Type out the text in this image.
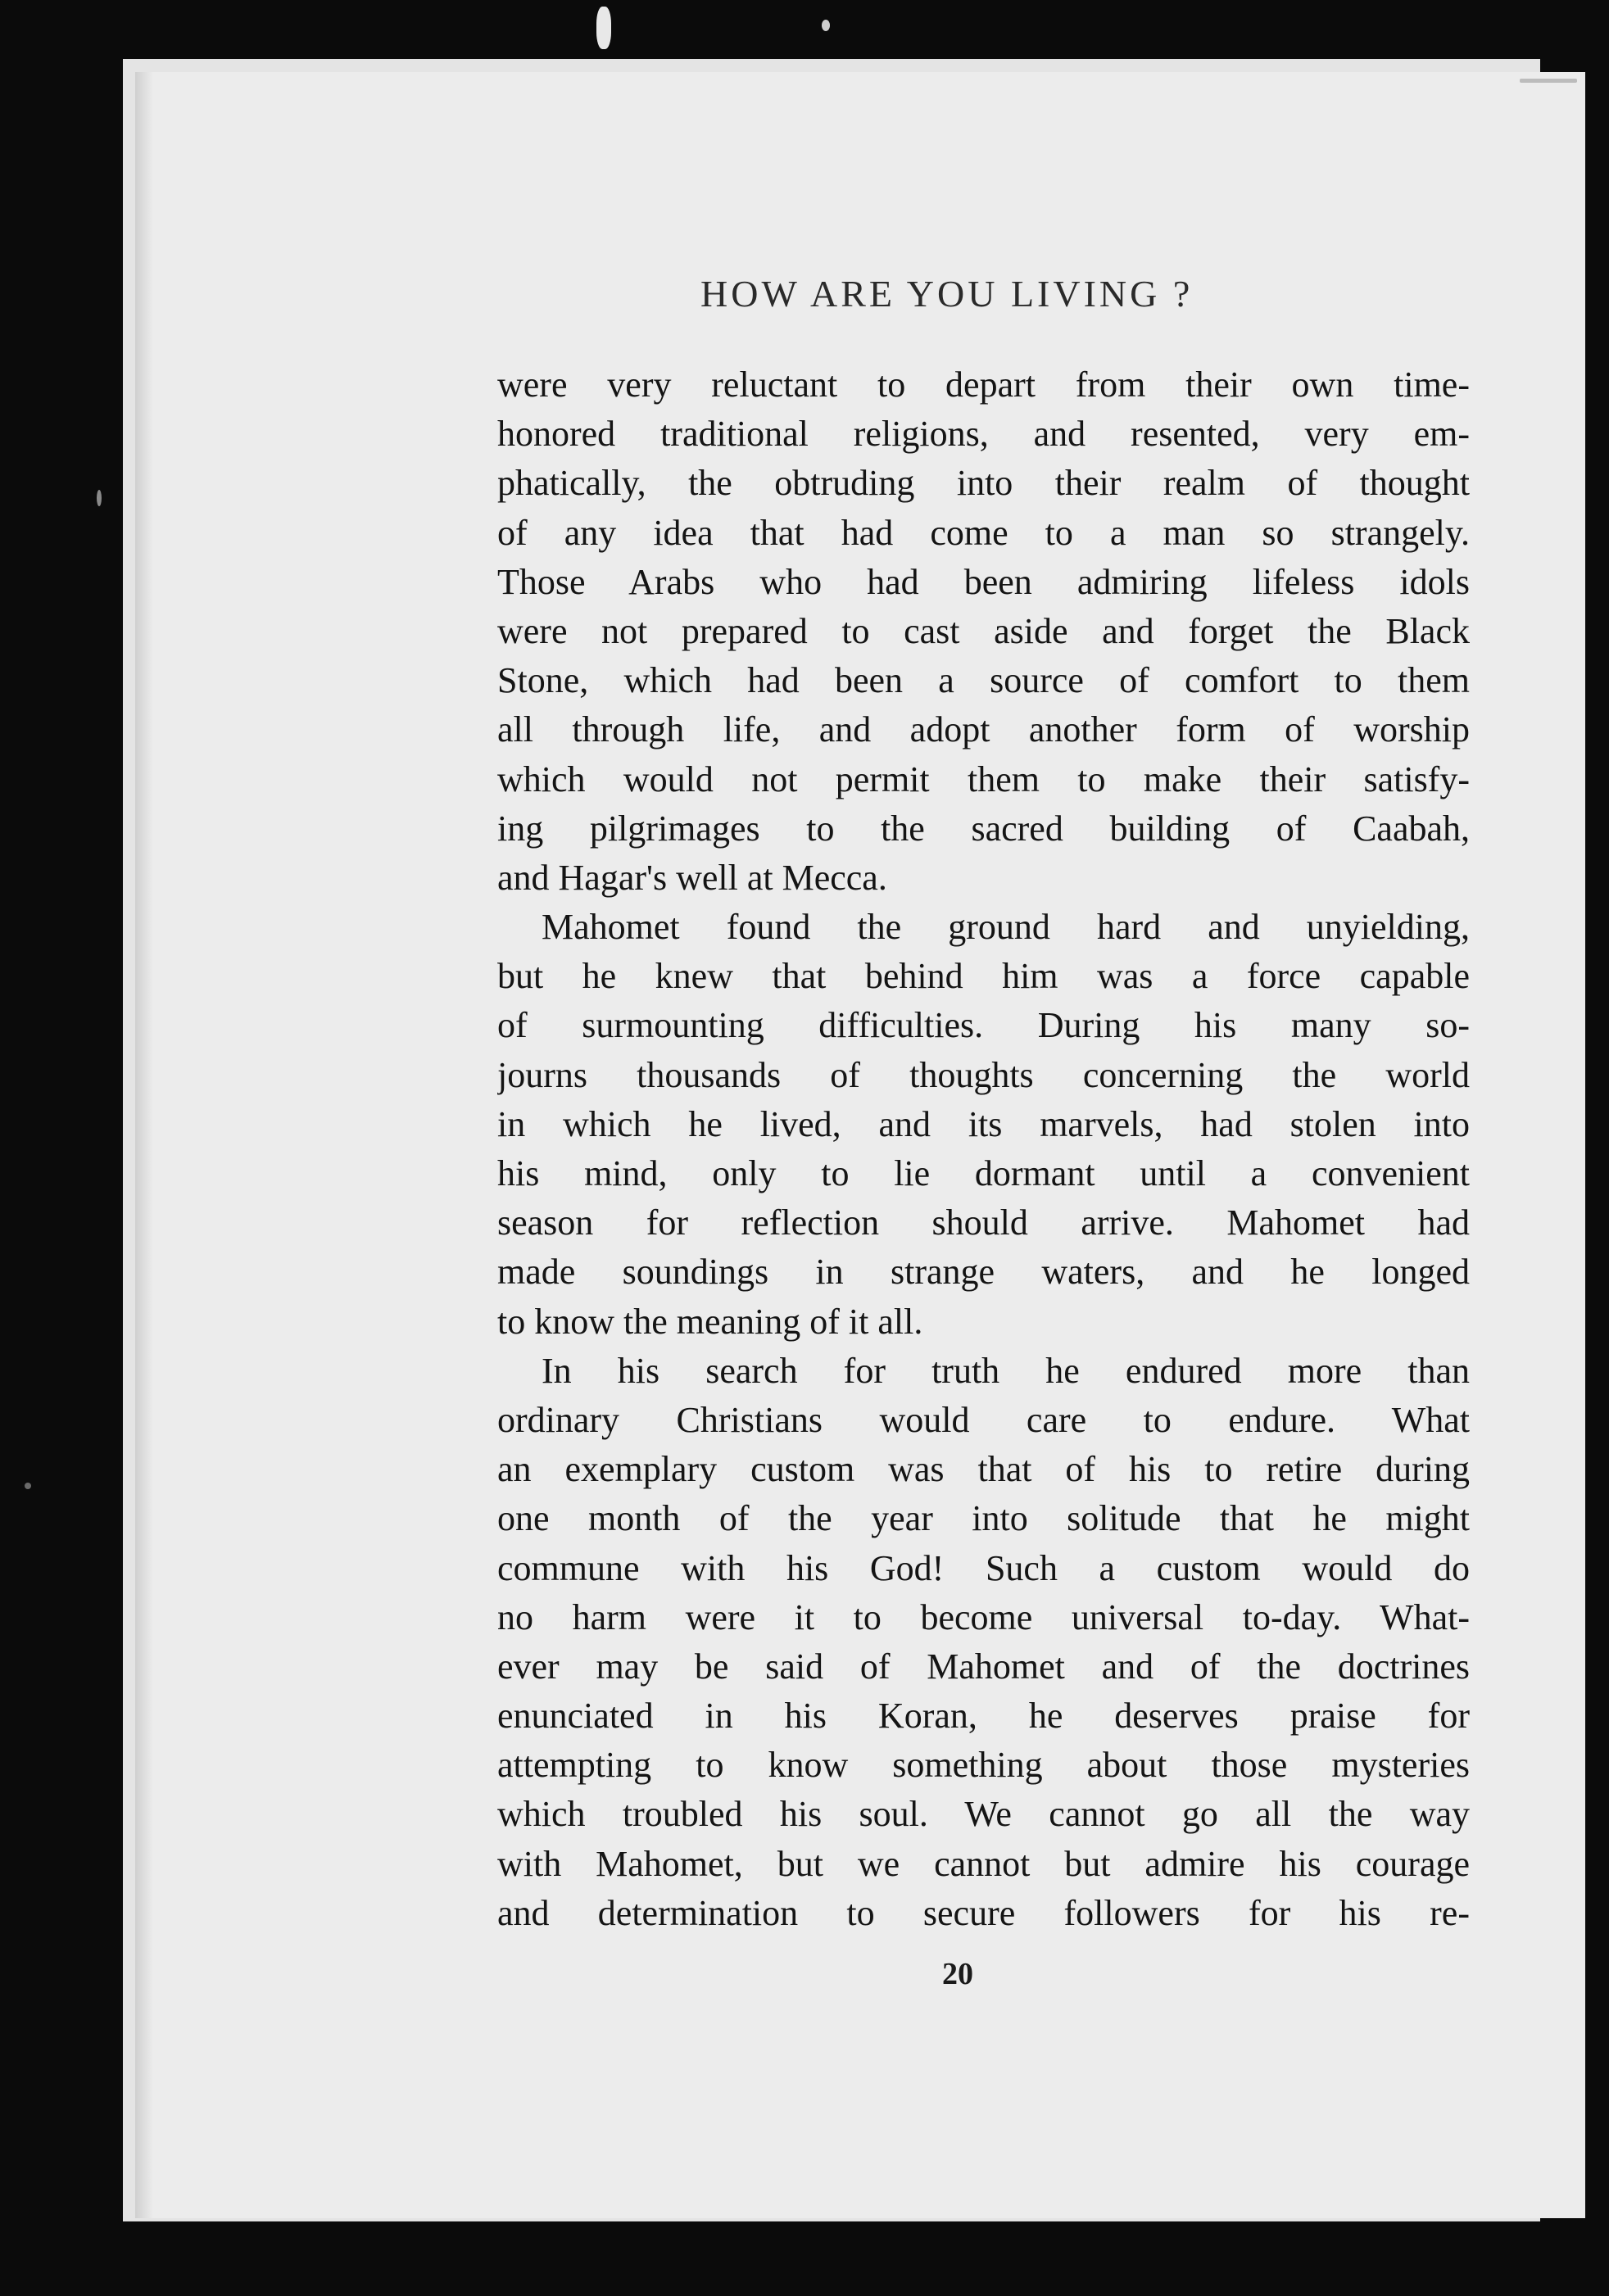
HOW ARE YOU LIVING ?
were very reluctant to depart from their own time-
honored traditional religions, and resented, very em-
phatically, the obtruding into their realm of thought
of any idea that had come to a man so strangely.
Those Arabs who had been admiring lifeless idols
were not prepared to cast aside and forget the Black
Stone, which had been a source of comfort to them
all through life, and adopt another form of worship
which would not permit them to make their satisfy-
ing pilgrimages to the sacred building of Caabah,
and Hagar's well at Mecca.
Mahomet found the ground hard and unyielding,
but he knew that behind him was a force capable
of surmounting difficulties. During his many so-
journs thousands of thoughts concerning the world
in which he lived, and its marvels, had stolen into
his mind, only to lie dormant until a convenient
season for reflection should arrive. Mahomet had
made soundings in strange waters, and he longed
to know the meaning of it all.
In his search for truth he endured more than
ordinary Christians would care to endure. What
an exemplary custom was that of his to retire during
one month of the year into solitude that he might
commune with his God! Such a custom would do
no harm were it to become universal to-day. What-
ever may be said of Mahomet and of the doctrines
enunciated in his Koran, he deserves praise for
attempting to know something about those mysteries
which troubled his soul. We cannot go all the way
with Mahomet, but we cannot but admire his courage
and determination to secure followers for his re-

20
